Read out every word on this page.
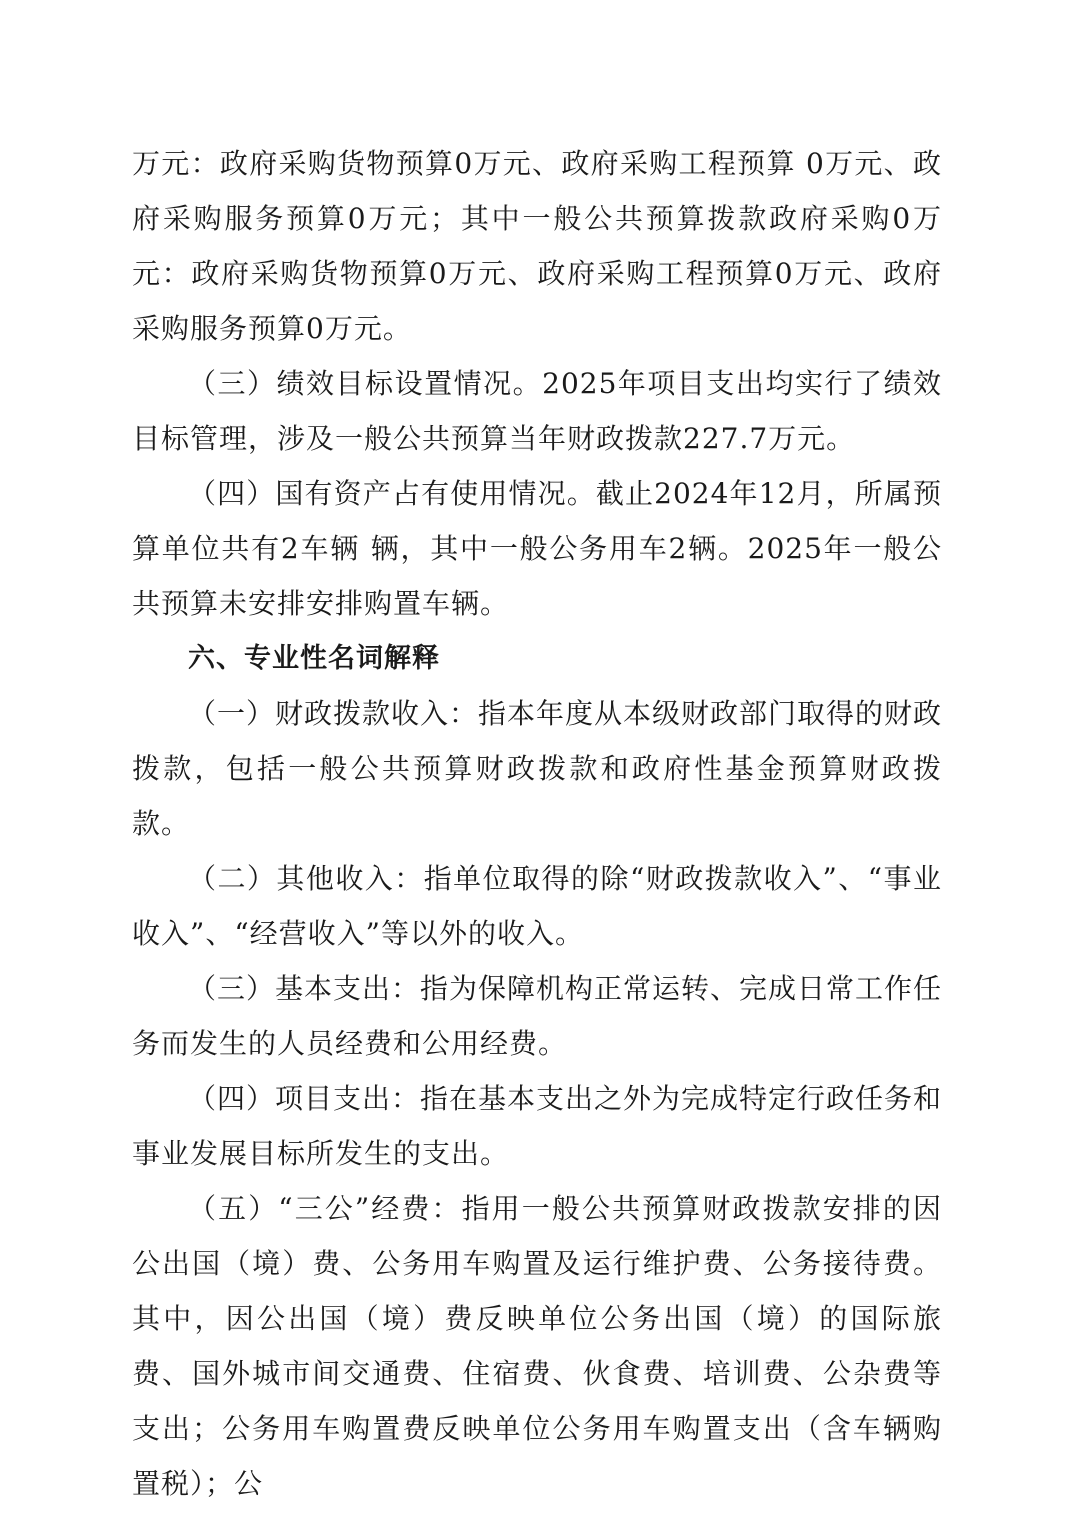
万元：政府采购货物预算0万元、政府采购工程预算 0万元、政府采购服务预算0万元；其中一般公共预算拨款政府采购0万元：政府采购货物预算0万元、政府采购工程预算0万元、政府采购服务预算0万元。

（三）绩效目标设置情况。2025年项目支出均实行了绩效目标管理，涉及一般公共预算当年财政拨款227.7万元。

（四）国有资产占有使用情况。截止2024年12月，所属预算单位共有2车辆 辆，其中一般公务用车2辆。2025年一般公共预算未安排安排购置车辆。

六、专业性名词解释

（一）财政拨款收入：指本年度从本级财政部门取得的财政拨款，包括一般公共预算财政拨款和政府性基金预算财政拨款。

（二）其他收入：指单位取得的除“财政拨款收入”、“事业收入”、“经营收入”等以外的收入。

（三）基本支出：指为保障机构正常运转、完成日常工作任务而发生的人员经费和公用经费。

（四）项目支出：指在基本支出之外为完成特定行政任务和事业发展目标所发生的支出。

（五）“三公”经费：指用一般公共预算财政拨款安排的因公出国（境）费、公务用车购置及运行维护费、公务接待费。其中，因公出国（境）费反映单位公务出国（境）的国际旅费、国外城市间交通费、住宿费、伙食费、培训费、公杂费等支出；公务用车购置费反映单位公务用车购置支出（含车辆购置税）；公
